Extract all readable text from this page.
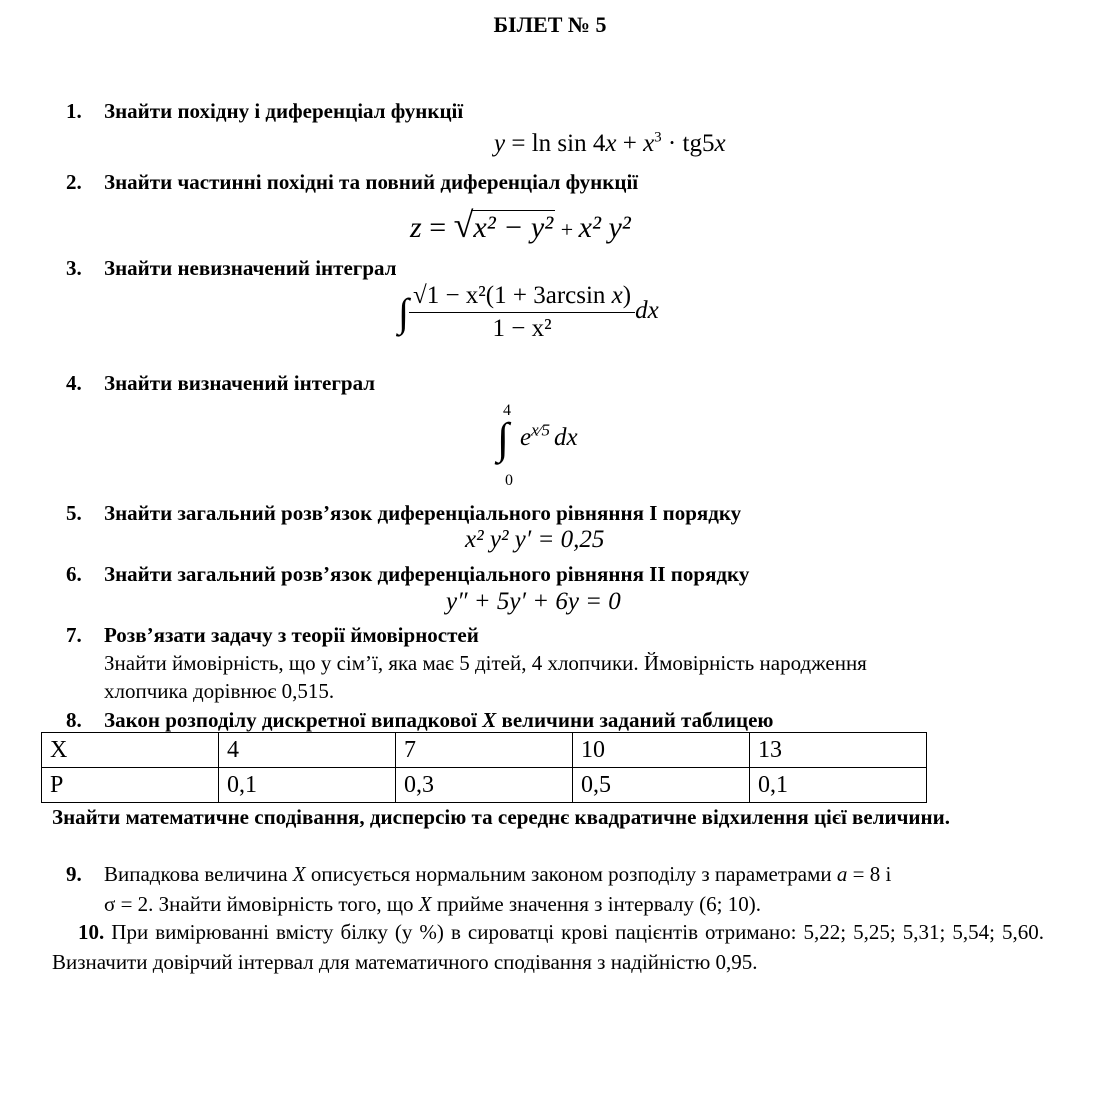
БІЛЕТ № 5
1. Знайти похідну і диференціал функції
$y = \ln \sin 4x + x^3 \cdot tg5x$
2. Знайти частинні похідні та повний диференціал функції
z = √x² − y² + x² y²
3. Знайти невизначений інтеграл
∫ $\frac{\text{√1 − x²(1 + 3arcsin x)}}{\text{1 − x²}}$ dx
4. Знайти визначений інтеграл
4
∫
0
$e^{x⁄5}$ dx
5. Знайти загальний розв’язок диференціального рівняння І порядку
x² y² y′ = 0,25
6. Знайти загальний розв’язок диференціального рівняння ІІ порядку
y″ + 5y′ + 6y = 0
7. Розв’язати задачу з теорії ймовірностей
Знайти ймовірність, що у сім’ї, яка має 5 дітей, 4 хлопчики. Ймовірність народження
хлопчика дорівнює 0,515.
8. Закон розподілу дискретної випадкової X величини заданий таблицею
X	4	7	10	13
P	0,1	0,3	0,5	0,1
Знайти математичне сподівання, дисперсію та середнє квадратичне відхилення цієї величини.
9. Випадкова величина X описується нормальним законом розподілу з параметрами a = 8 і
σ = 2. Знайти ймовірність того, що X прийме значення з інтервалу (6; 10).
10. При вимірюванні вмісту білку (у %) в сироватці крові пацієнтів отримано: 5,22; 5,25; 5,31; 5,54; 5,60. Визначити довірчий інтервал для математичного сподівання з надійністю 0,95.
